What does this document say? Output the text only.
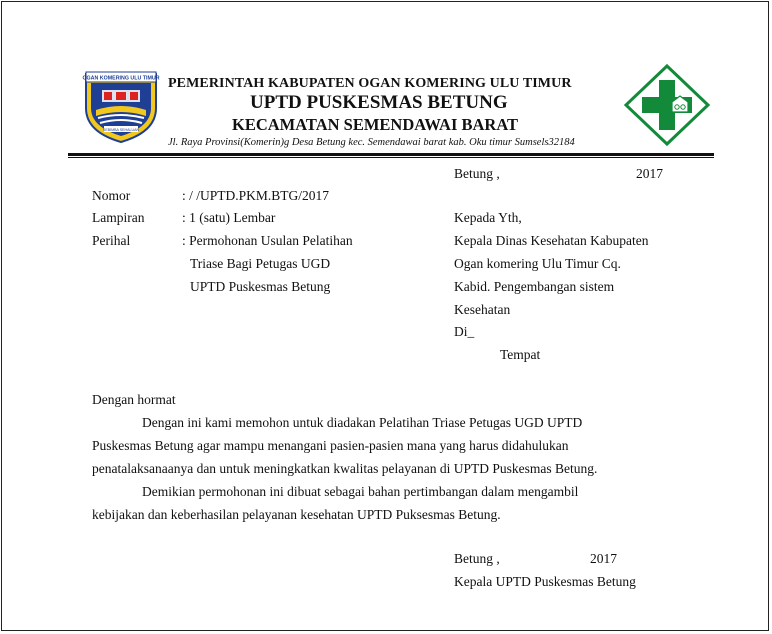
OGAN KOMERING ULU TIMUR
SEBIMBA SEHALUAN
PEMERINTAH KABUPATEN OGAN KOMERING ULU TIMUR
UPTD PUSKESMAS BETUNG
KECAMATAN SEMENDAWAI BARAT
Jl. Raya Provinsi(Komerin)g Desa Betung kec. Semendawai barat kab. Oku timur Sumsels32184
Betung ,	2017
Nomor	: / /UPTD.PKM.BTG/2017
Lampiran	: 1 (satu) Lembar
Perihal	: Permohonan Usulan Pelatihan
Triase Bagi Petugas UGD
UPTD Puskesmas Betung
Kepada Yth,
Kepala Dinas Kesehatan Kabupaten
Ogan komering Ulu Timur Cq.
Kabid. Pengembangan sistem
Kesehatan
Di_
Tempat
Dengan hormat
Dengan ini kami memohon untuk diadakan Pelatihan Triase Petugas UGD UPTD
Puskesmas Betung agar mampu menangani pasien-pasien mana yang harus didahulukan
penatalaksanaanya dan untuk meningkatkan kwalitas pelayanan di UPTD Puskesmas Betung.
Demikian permohonan ini dibuat sebagai bahan pertimbangan dalam mengambil
kebijakan dan keberhasilan pelayanan kesehatan UPTD Puksesmas Betung.
Betung ,	2017
Kepala UPTD Puskesmas Betung
